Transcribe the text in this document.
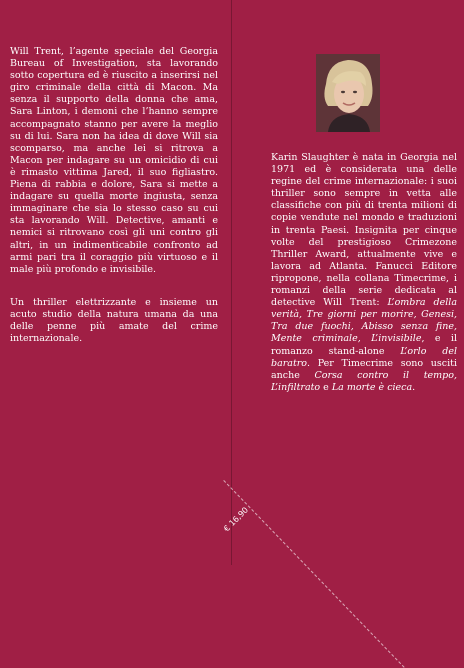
Will Trent, l’agente speciale del Georgia Bureau of Investigation, sta lavorando sotto copertura ed è riuscito a inserirsi nel giro criminale della città di Macon. Ma senza il supporto della donna che ama, Sara Linton, i demoni che l’hanno sempre accompagnato stanno per avere la meglio su di lui. Sara non ha idea di dove Will sia scomparso, ma anche lei si ritrova a Macon per indagare su un omicidio di cui è rimasto vittima Jared, il suo figliastro. Piena di rabbia e dolore, Sara si mette a indagare su quella morte ingiusta, senza immaginare che sia lo stesso caso su cui sta lavorando Will. Detective, amanti e nemici si ritrovano così gli uni contro gli altri, in un indimenticabile confronto ad armi pari tra il coraggio più virtuoso e il male più profondo e invisibile.

Un thriller elettrizzante e insieme un acuto studio della natura umana da una delle penne più amate del crime internazionale.

Karin Slaughter è nata in Georgia nel 1971 ed è considerata una delle regine del crime internazionale: i suoi thriller sono sempre in vetta alle classifiche con più di trenta milioni di copie vendute nel mondo e traduzioni in trenta Paesi. Insignita per cinque volte del prestigioso Crimezone Thriller Award, attualmente vive e lavora ad Atlanta. Fanucci Editore ripropone, nella collana Timecrime, i romanzi della serie dedicata al detective Will Trent: L’ombra della verità, Tre giorni per morire, Genesi, Tra due fuochi, Abisso senza fine, Mente criminale, L’invisibile, e il romanzo stand-alone L’orlo del baratro. Per Timecrime sono usciti anche Corsa contro il tempo, L’infiltrato e La morte è cieca.

€ 16,90
